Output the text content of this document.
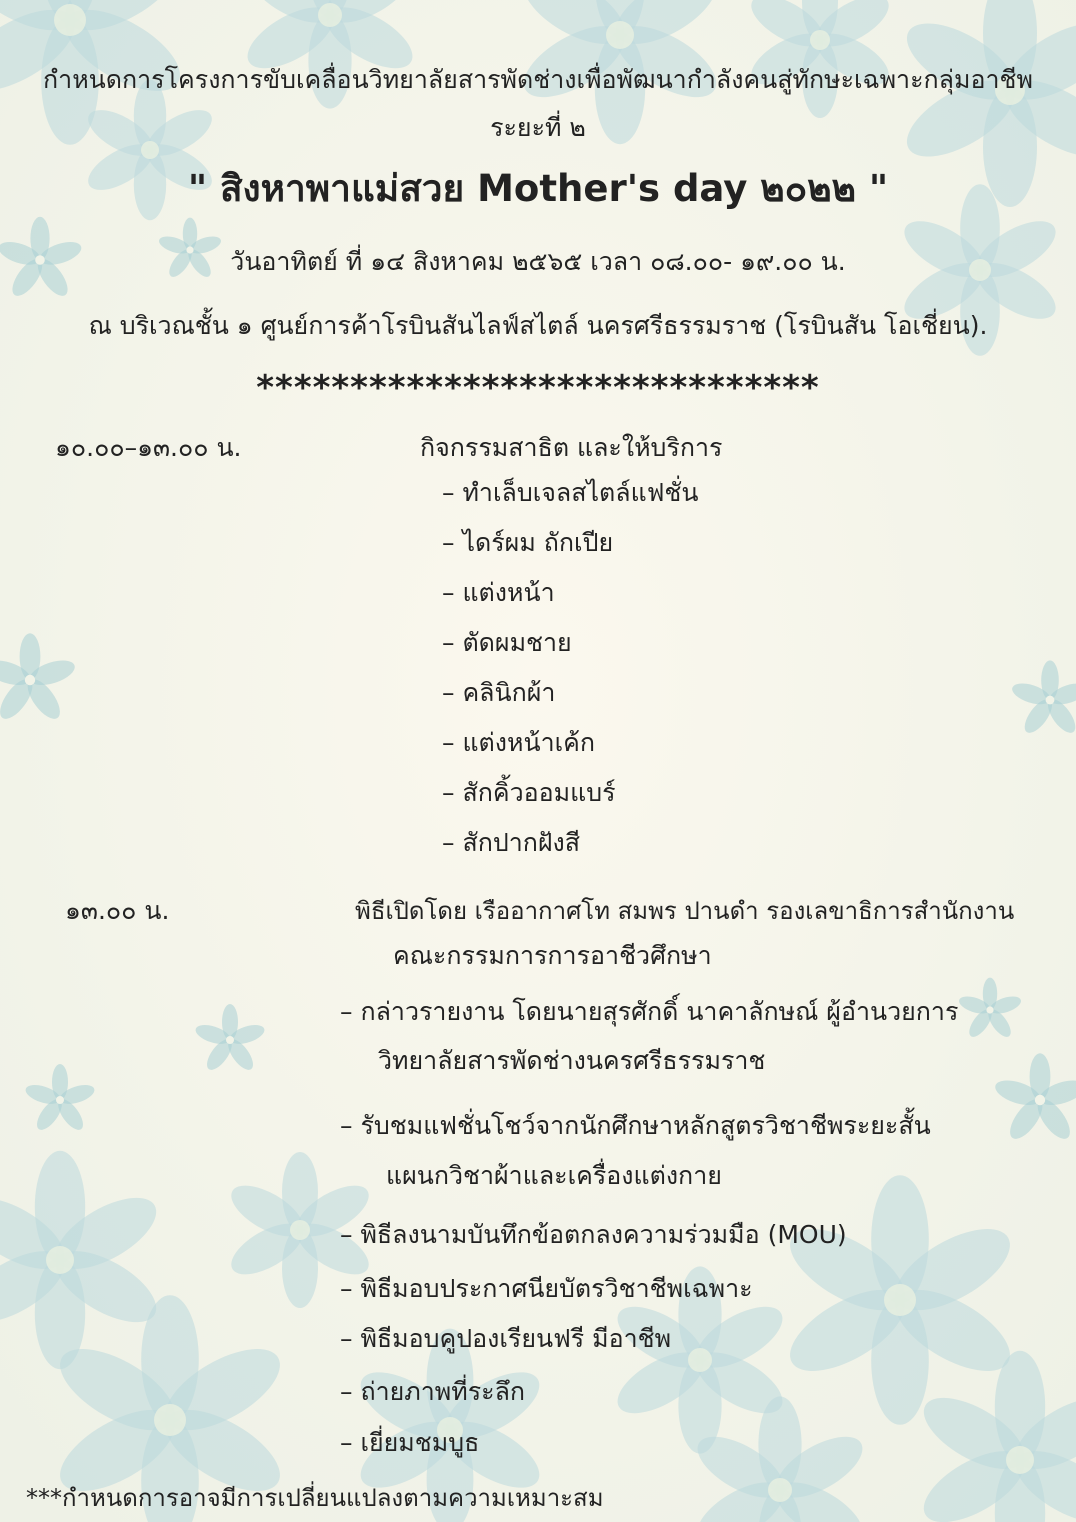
กำหนดการโครงการขับเคลื่อนวิทยาลัยสารพัดช่างเพื่อพัฒนากำลังคนสู่ทักษะเฉพาะกลุ่มอาชีพ
ระยะที่ ๒
" สิงหาพาแม่สวย Mother's day ๒๐๒๒ "
วันอาทิตย์ ที่ ๑๔ สิงหาคม ๒๕๖๕ เวลา ๐๘.๐๐- ๑๙.๐๐ น.
ณ บริเวณชั้น ๑ ศูนย์การค้าโรบินสันไลฟ์สไตล์ นครศรีธรรมราช (โรบินสัน โอเชี่ยน).
******************************
๑๐.๐๐–๑๓.๐๐ น.	กิจกรรมสาธิต และให้บริการ
– ทำเล็บเจลสไตล์แฟชั่น
– ไดร์ผม ถักเปีย
– แต่งหน้า
– ตัดผมชาย
– คลินิกผ้า
– แต่งหน้าเค้ก
– สักคิ้วออมแบร์
– สักปากฝังสี
๑๓.๐๐ น.	พิธีเปิดโดย เรืออากาศโท สมพร ปานดำ รองเลขาธิการสำนักงาน
คณะกรรมการการอาชีวศึกษา
– กล่าวรายงาน โดยนายสุรศักดิ์ นาคาลักษณ์ ผู้อำนวยการ
วิทยาลัยสารพัดช่างนครศรีธรรมราช
– รับชมแฟชั่นโชว์จากนักศึกษาหลักสูตรวิชาชีพระยะสั้น
แผนกวิชาผ้าและเครื่องแต่งกาย
– พิธีลงนามบันทึกข้อตกลงความร่วมมือ (MOU)
– พิธีมอบประกาศนียบัตรวิชาชีพเฉพาะ
– พิธีมอบคูปองเรียนฟรี มีอาชีพ
– ถ่ายภาพที่ระลึก
– เยี่ยมชมบูธ
***กำหนดการอาจมีการเปลี่ยนแปลงตามความเหมาะสม
